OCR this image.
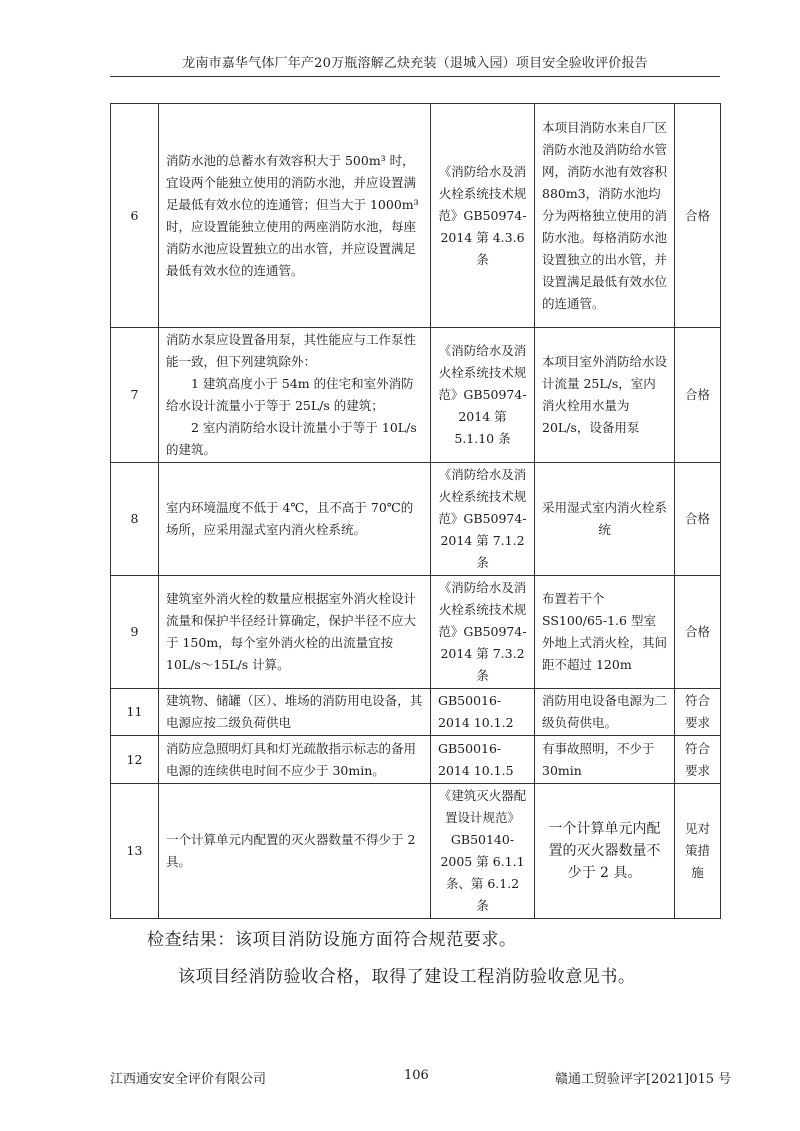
龙南市嘉华气体厂年产20万瓶溶解乙炔充装（退城入园）项目安全验收评价报告
6	消防水池的总蓄水有效容积大于 500m³ 时，宜设两个能独立使用的消防水池，并应设置满足最低有效水位的连通管；但当大于 1000m³ 时，应设置能独立使用的两座消防水池，每座消防水池应设置独立的出水管，并应设置满足最低有效水位的连通管。	《消防给水及消火栓系统技术规范》GB50974-2014 第 4.3.6 条	本项目消防水来自厂区消防水池及消防给水管网，消防水池有效容积 880m3，消防水池均分为两格独立使用的消防水池。每格消防水池设置独立的出水管，并设置满足最低有效水位的连通管。	合格
7	消防水泵应设置备用泵，其性能应与工作泵性能一致，但下列建筑除外：
1 建筑高度小于 54m 的住宅和室外消防给水设计流量小于等于 25L/s 的建筑；
2 室内消防给水设计流量小于等于 10L/s 的建筑。	《消防给水及消火栓系统技术规范》GB50974-2014 第 5.1.10 条	本项目室外消防给水设计流量 25L/s，室内消火栓用水量为 20L/s，设备用泵	合格
8	室内环境温度不低于 4℃，且不高于 70℃的场所，应采用湿式室内消火栓系统。	《消防给水及消火栓系统技术规范》GB50974-2014 第 7.1.2 条	采用湿式室内消火栓系统	合格
9	建筑室外消火栓的数量应根据室外消火栓设计流量和保护半径经计算确定，保护半径不应大于 150m，每个室外消火栓的出流量宜按 10L/s～15L/s 计算。	《消防给水及消火栓系统技术规范》GB50974-2014 第 7.3.2 条	布置若干个 SS100/65-1.6 型室外地上式消火栓，其间距不超过 120m	合格
11	建筑物、储罐（区）、堆场的消防用电设备，其电源应按二级负荷供电	GB50016-2014 10.1.2	消防用电设备电源为二级负荷供电。	符合要求
12	消防应急照明灯具和灯光疏散指示标志的备用电源的连续供电时间不应少于 30min。	GB50016-2014 10.1.5	有事故照明，不少于 30min	符合要求
13	一个计算单元内配置的灭火器数量不得少于 2 具。	《建筑灭火器配置设计规范》GB50140-2005 第 6.1.1 条、第 6.1.2 条	一个计算单元内配置的灭火器数量不少于 2 具。	见对策措施
检查结果：该项目消防设施方面符合规范要求。
该项目经消防验收合格，取得了建设工程消防验收意见书。
江西通安安全评价有限公司	106	赣通工贸验评字[2021]015 号
